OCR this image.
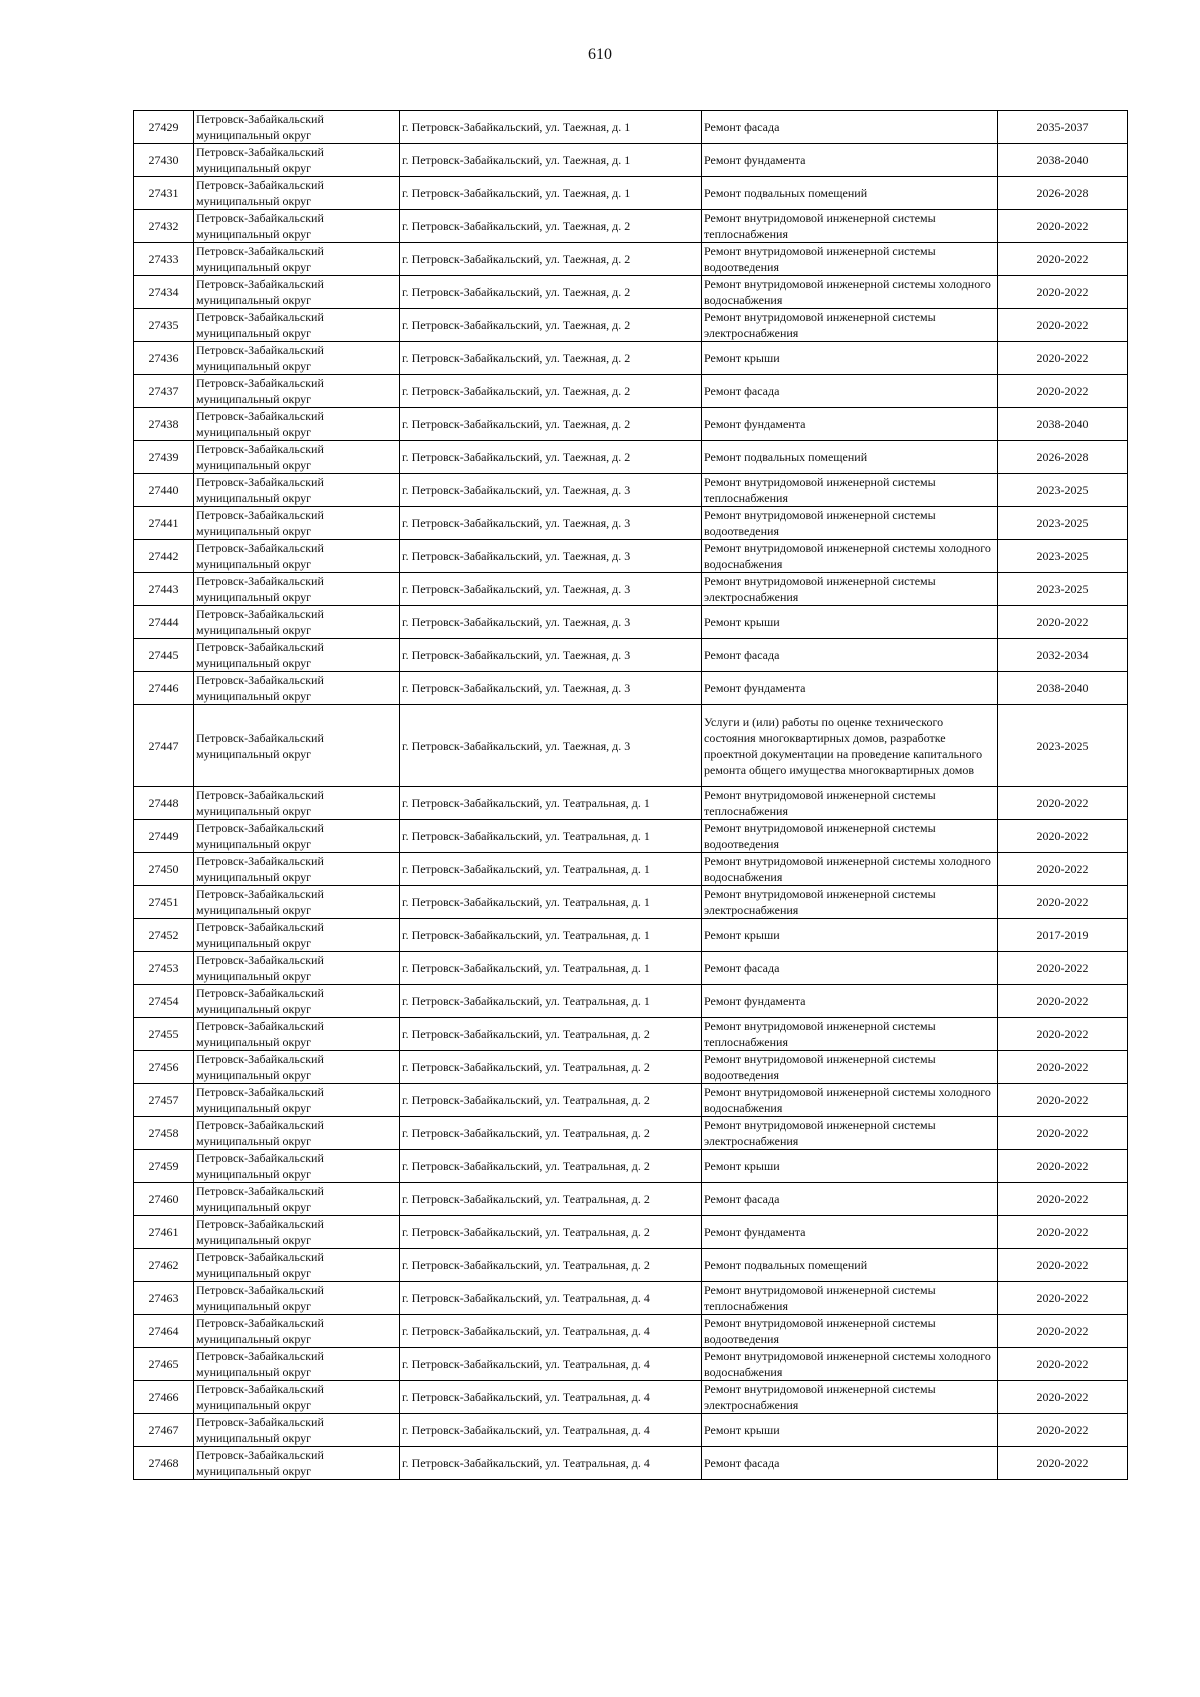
610
27429	Петровск-Забайкальский муниципальный округ	г. Петровск-Забайкальский, ул. Таежная, д. 1	Ремонт фасада	2035-2037
27430	Петровск-Забайкальский муниципальный округ	г. Петровск-Забайкальский, ул. Таежная, д. 1	Ремонт фундамента	2038-2040
27431	Петровск-Забайкальский муниципальный округ	г. Петровск-Забайкальский, ул. Таежная, д. 1	Ремонт подвальных помещений	2026-2028
27432	Петровск-Забайкальский муниципальный округ	г. Петровск-Забайкальский, ул. Таежная, д. 2	Ремонт внутридомовой инженерной системы теплоснабжения	2020-2022
27433	Петровск-Забайкальский муниципальный округ	г. Петровск-Забайкальский, ул. Таежная, д. 2	Ремонт внутридомовой инженерной системы водоотведения	2020-2022
27434	Петровск-Забайкальский муниципальный округ	г. Петровск-Забайкальский, ул. Таежная, д. 2	Ремонт внутридомовой инженерной системы холодного водоснабжения	2020-2022
27435	Петровск-Забайкальский муниципальный округ	г. Петровск-Забайкальский, ул. Таежная, д. 2	Ремонт внутридомовой инженерной системы электроснабжения	2020-2022
27436	Петровск-Забайкальский муниципальный округ	г. Петровск-Забайкальский, ул. Таежная, д. 2	Ремонт крыши	2020-2022
27437	Петровск-Забайкальский муниципальный округ	г. Петровск-Забайкальский, ул. Таежная, д. 2	Ремонт фасада	2020-2022
27438	Петровск-Забайкальский муниципальный округ	г. Петровск-Забайкальский, ул. Таежная, д. 2	Ремонт фундамента	2038-2040
27439	Петровск-Забайкальский муниципальный округ	г. Петровск-Забайкальский, ул. Таежная, д. 2	Ремонт подвальных помещений	2026-2028
27440	Петровск-Забайкальский муниципальный округ	г. Петровск-Забайкальский, ул. Таежная, д. 3	Ремонт внутридомовой инженерной системы теплоснабжения	2023-2025
27441	Петровск-Забайкальский муниципальный округ	г. Петровск-Забайкальский, ул. Таежная, д. 3	Ремонт внутридомовой инженерной системы водоотведения	2023-2025
27442	Петровск-Забайкальский муниципальный округ	г. Петровск-Забайкальский, ул. Таежная, д. 3	Ремонт внутридомовой инженерной системы холодного водоснабжения	2023-2025
27443	Петровск-Забайкальский муниципальный округ	г. Петровск-Забайкальский, ул. Таежная, д. 3	Ремонт внутридомовой инженерной системы электроснабжения	2023-2025
27444	Петровск-Забайкальский муниципальный округ	г. Петровск-Забайкальский, ул. Таежная, д. 3	Ремонт крыши	2020-2022
27445	Петровск-Забайкальский муниципальный округ	г. Петровск-Забайкальский, ул. Таежная, д. 3	Ремонт фасада	2032-2034
27446	Петровск-Забайкальский муниципальный округ	г. Петровск-Забайкальский, ул. Таежная, д. 3	Ремонт фундамента	2038-2040
27447	Петровск-Забайкальский муниципальный округ	г. Петровск-Забайкальский, ул. Таежная, д. 3	Услуги и (или) работы по оценке технического состояния многоквартирных домов, разработке проектной документации на проведение капитального ремонта общего имущества многоквартирных домов	2023-2025
27448	Петровск-Забайкальский муниципальный округ	г. Петровск-Забайкальский, ул. Театральная, д. 1	Ремонт внутридомовой инженерной системы теплоснабжения	2020-2022
27449	Петровск-Забайкальский муниципальный округ	г. Петровск-Забайкальский, ул. Театральная, д. 1	Ремонт внутридомовой инженерной системы водоотведения	2020-2022
27450	Петровск-Забайкальский муниципальный округ	г. Петровск-Забайкальский, ул. Театральная, д. 1	Ремонт внутридомовой инженерной системы холодного водоснабжения	2020-2022
27451	Петровск-Забайкальский муниципальный округ	г. Петровск-Забайкальский, ул. Театральная, д. 1	Ремонт внутридомовой инженерной системы электроснабжения	2020-2022
27452	Петровск-Забайкальский муниципальный округ	г. Петровск-Забайкальский, ул. Театральная, д. 1	Ремонт крыши	2017-2019
27453	Петровск-Забайкальский муниципальный округ	г. Петровск-Забайкальский, ул. Театральная, д. 1	Ремонт фасада	2020-2022
27454	Петровск-Забайкальский муниципальный округ	г. Петровск-Забайкальский, ул. Театральная, д. 1	Ремонт фундамента	2020-2022
27455	Петровск-Забайкальский муниципальный округ	г. Петровск-Забайкальский, ул. Театральная, д. 2	Ремонт внутридомовой инженерной системы теплоснабжения	2020-2022
27456	Петровск-Забайкальский муниципальный округ	г. Петровск-Забайкальский, ул. Театральная, д. 2	Ремонт внутридомовой инженерной системы водоотведения	2020-2022
27457	Петровск-Забайкальский муниципальный округ	г. Петровск-Забайкальский, ул. Театральная, д. 2	Ремонт внутридомовой инженерной системы холодного водоснабжения	2020-2022
27458	Петровск-Забайкальский муниципальный округ	г. Петровск-Забайкальский, ул. Театральная, д. 2	Ремонт внутридомовой инженерной системы электроснабжения	2020-2022
27459	Петровск-Забайкальский муниципальный округ	г. Петровск-Забайкальский, ул. Театральная, д. 2	Ремонт крыши	2020-2022
27460	Петровск-Забайкальский муниципальный округ	г. Петровск-Забайкальский, ул. Театральная, д. 2	Ремонт фасада	2020-2022
27461	Петровск-Забайкальский муниципальный округ	г. Петровск-Забайкальский, ул. Театральная, д. 2	Ремонт фундамента	2020-2022
27462	Петровск-Забайкальский муниципальный округ	г. Петровск-Забайкальский, ул. Театральная, д. 2	Ремонт подвальных помещений	2020-2022
27463	Петровск-Забайкальский муниципальный округ	г. Петровск-Забайкальский, ул. Театральная, д. 4	Ремонт внутридомовой инженерной системы теплоснабжения	2020-2022
27464	Петровск-Забайкальский муниципальный округ	г. Петровск-Забайкальский, ул. Театральная, д. 4	Ремонт внутридомовой инженерной системы водоотведения	2020-2022
27465	Петровск-Забайкальский муниципальный округ	г. Петровск-Забайкальский, ул. Театральная, д. 4	Ремонт внутридомовой инженерной системы холодного водоснабжения	2020-2022
27466	Петровск-Забайкальский муниципальный округ	г. Петровск-Забайкальский, ул. Театральная, д. 4	Ремонт внутридомовой инженерной системы электроснабжения	2020-2022
27467	Петровск-Забайкальский муниципальный округ	г. Петровск-Забайкальский, ул. Театральная, д. 4	Ремонт крыши	2020-2022
27468	Петровск-Забайкальский муниципальный округ	г. Петровск-Забайкальский, ул. Театральная, д. 4	Ремонт фасада	2020-2022
